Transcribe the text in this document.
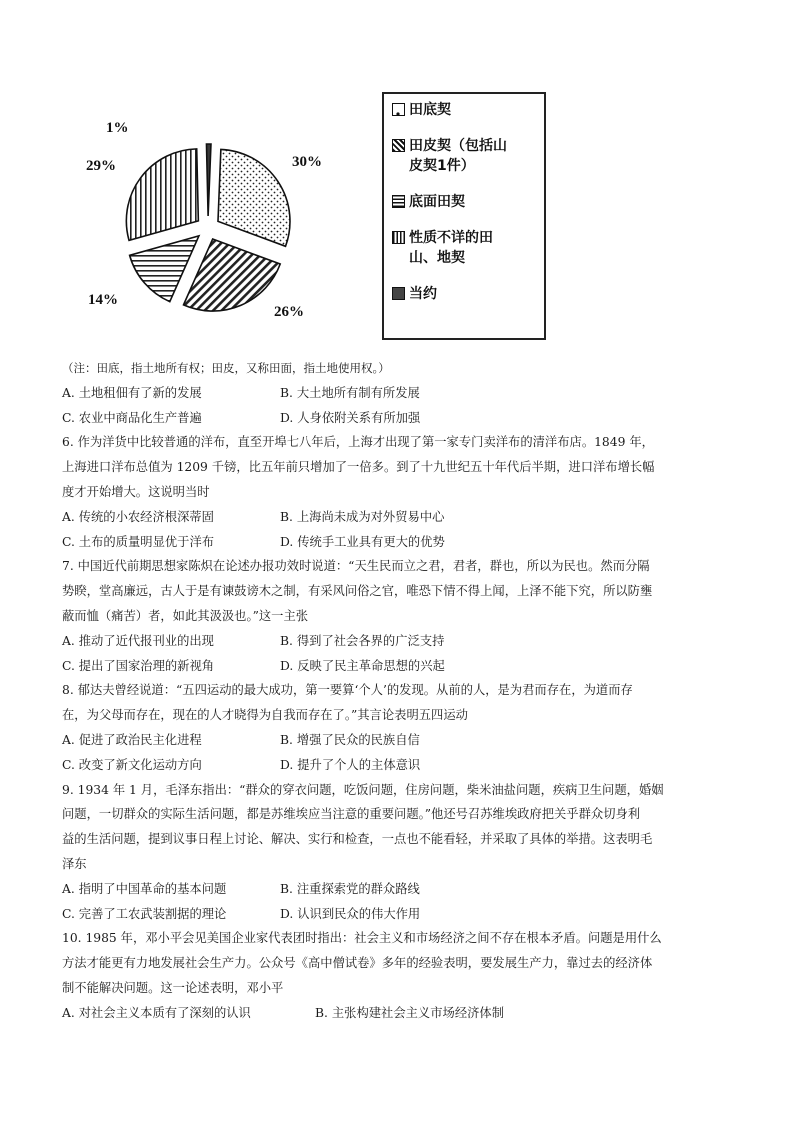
30%
26%
14%
29%
1%
田底契
田皮契（包括山
皮契1件）
底面田契
性质不详的田
山、地契
当约
（注：田底，指土地所有权；田皮，又称田面，指土地使用权。）
A. 土地租佃有了新的发展	B. 大土地所有制有所发展
C. 农业中商品化生产普遍	D. 人身依附关系有所加强
6. 作为洋货中比较普通的洋布，直至开埠七八年后，上海才出现了第一家专门卖洋布的清洋布店。1849 年，
上海进口洋布总值为 1209 千镑，比五年前只增加了一倍多。到了十九世纪五十年代后半期，进口洋布增长幅
度才开始增大。这说明当时
A. 传统的小农经济根深蒂固	B. 上海尚未成为对外贸易中心
C. 土布的质量明显优于洋布	D. 传统手工业具有更大的优势
7. 中国近代前期思想家陈炽在论述办报功效时说道：“天生民而立之君，君者，群也，所以为民也。然而分隔
势睽，堂高廉远，古人于是有谏鼓谤木之制，有采风问俗之官，唯恐下情不得上闻，上泽不能下究，所以防壅
蔽而恤（痛苦）者，如此其汲汲也。”这一主张
A. 推动了近代报刊业的出现	B. 得到了社会各界的广泛支持
C. 提出了国家治理的新视角	D. 反映了民主革命思想的兴起
8. 郁达夫曾经说道：“五四运动的最大成功，第一要算‘个人’的发现。从前的人，是为君而存在，为道而存
在，为父母而存在，现在的人才晓得为自我而存在了。”其言论表明五四运动
A. 促进了政治民主化进程	B. 增强了民众的民族自信
C. 改变了新文化运动方向	D. 提升了个人的主体意识
9. 1934 年 1 月，毛泽东指出：“群众的穿衣问题，吃饭问题，住房问题，柴米油盐问题，疾病卫生问题，婚姻
问题，一切群众的实际生活问题，都是苏维埃应当注意的重要问题。”他还号召苏维埃政府把关乎群众切身利
益的生活问题，提到议事日程上讨论、解决、实行和检查，一点也不能看轻，并采取了具体的举措。这表明毛
泽东
A. 指明了中国革命的基本问题	B. 注重探索党的群众路线
C. 完善了工农武装割据的理论	D. 认识到民众的伟大作用
10. 1985 年，邓小平会见美国企业家代表团时指出：社会主义和市场经济之间不存在根本矛盾。问题是用什么
方法才能更有力地发展社会生产力。公众号《高中僧试卷》多年的经验表明，要发展生产力，靠过去的经济体
制不能解决问题。这一论述表明，邓小平
A. 对社会主义本质有了深刻的认识	B. 主张构建社会主义市场经济体制
